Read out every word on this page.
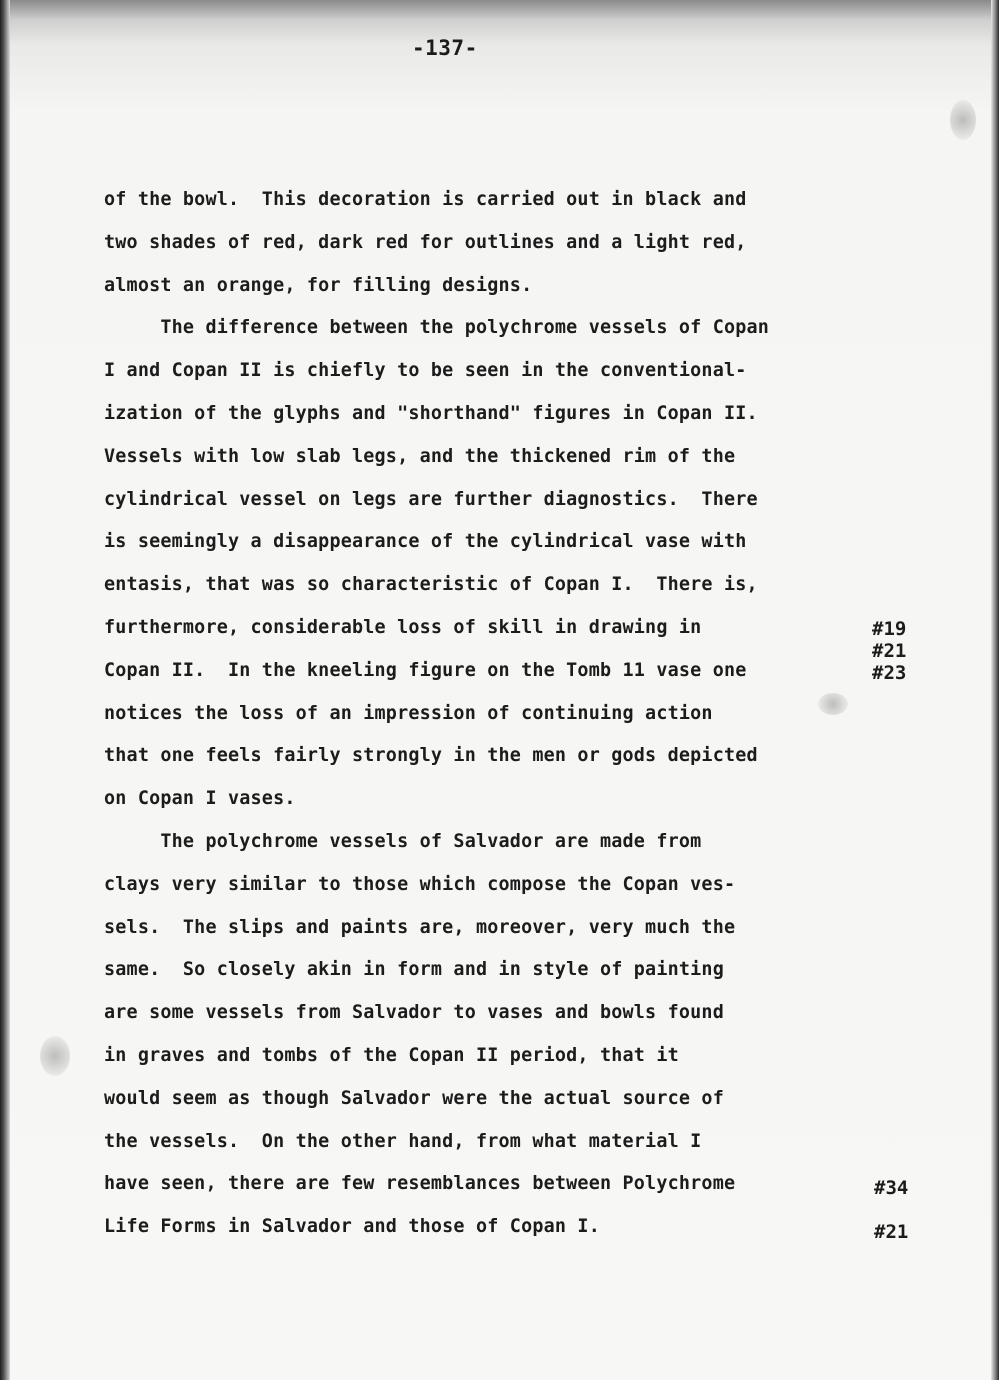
-137-
of the bowl.  This decoration is carried out in black and
two shades of red, dark red for outlines and a light red,
almost an orange, for filling designs.
The difference between the polychrome vessels of Copan
I and Copan II is chiefly to be seen in the conventional-
ization of the glyphs and "shorthand" figures in Copan II.
Vessels with low slab legs, and the thickened rim of the
cylindrical vessel on legs are further diagnostics.  There
is seemingly a disappearance of the cylindrical vase with
entasis, that was so characteristic of Copan I.  There is,
furthermore, considerable loss of skill in drawing in
Copan II.  In the kneeling figure on the Tomb 11 vase one
notices the loss of an impression of continuing action
that one feels fairly strongly in the men or gods depicted
on Copan I vases.
The polychrome vessels of Salvador are made from
clays very similar to those which compose the Copan ves-
sels.  The slips and paints are, moreover, very much the
same.  So closely akin in form and in style of painting
are some vessels from Salvador to vases and bowls found
in graves and tombs of the Copan II period, that it
would seem as though Salvador were the actual source of
the vessels.  On the other hand, from what material I
have seen, there are few resemblances between Polychrome
Life Forms in Salvador and those of Copan I.
#19
#21
#23
#34
#21
